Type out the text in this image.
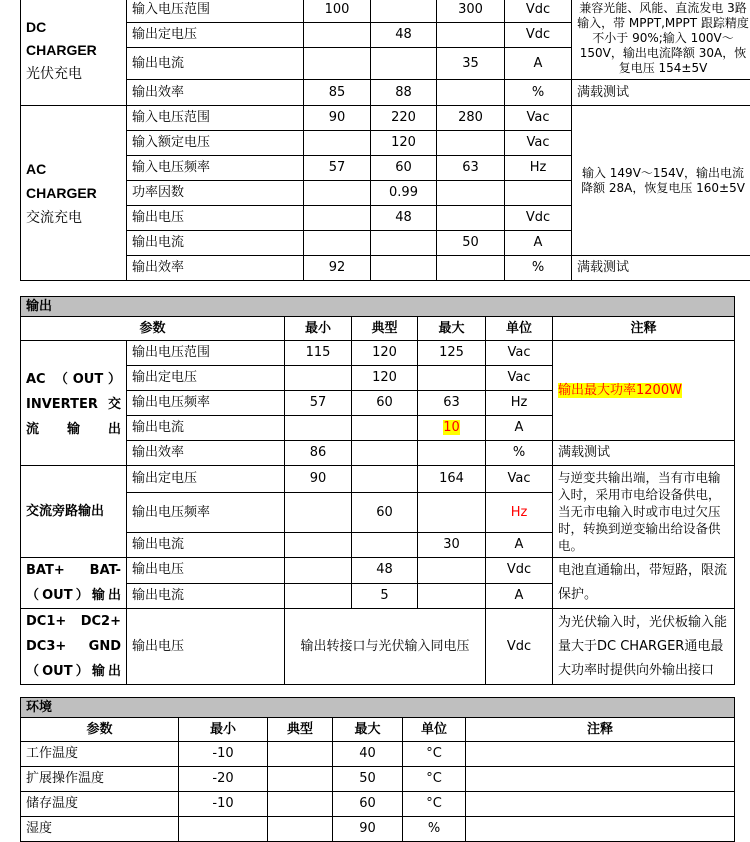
DC
CHARGER
光伏充电	输入电压范围	100		300	Vdc	兼容光能、风能、直流发电 3路输入，带 MPPT,MPPT 跟踪精度不小于 90%;输入 100V～150V，输出电流降额 30A，恢复电压 154±5V
	输出定电压		48		Vdc	
	输出电流			35	A	
	输出效率	85	88		%	满载测试

AC
CHARGER
交流充电	输入电压范围	90	220	280	Vac	输入 149V～154V，输出电流降额 28A，恢复电压 160±5V
	输入额定电压		120		Vac	
	输入电压频率	57	60	63	Hz	
	功率因数		0.99			
	输出电压		48		Vdc	
	输出电流			50	A	
	输出效率	92			%	满载测试
输出						
参数		最小	典型	最大	单位	注释
AC （OUT）INVERTER 交流输出	输出电压范围	115	120	125	Vac	输出最大功率1200W
	输出定电压		120		Vac	
	输出电压频率	57	60	63	Hz	
	输出电流			10	A	
	输出效率	86			%	满载测试
交流旁路输出	输出定电压	90		164	Vac	与逆变共输出端，当有市电输入时，采用市电给设备供电，当无市电输入时或市电过欠压时，转换到逆变输出给设备供电。
	输出电压频率		60		Hz	
	输出电流			30	A	
BAT+ BAT-（OUT）输出	输出电压		48		Vdc	电池直通输出，带短路，限流保护。
	输出电流		5		A	
DC1+ DC2+ DC3+ GND （OUT）输出	输出电压	输出转接口与光伏输入同电压			Vdc	为光伏输入时，光伏板输入能量大于DC CHARGER通电最大功率时提供向外输出接口
环境					
参数	最小	典型	最大	单位	注释
工作温度	-10		40	°C	
扩展操作温度	-20		50	°C	
储存温度	-10		60	°C	
湿度			90	%	
